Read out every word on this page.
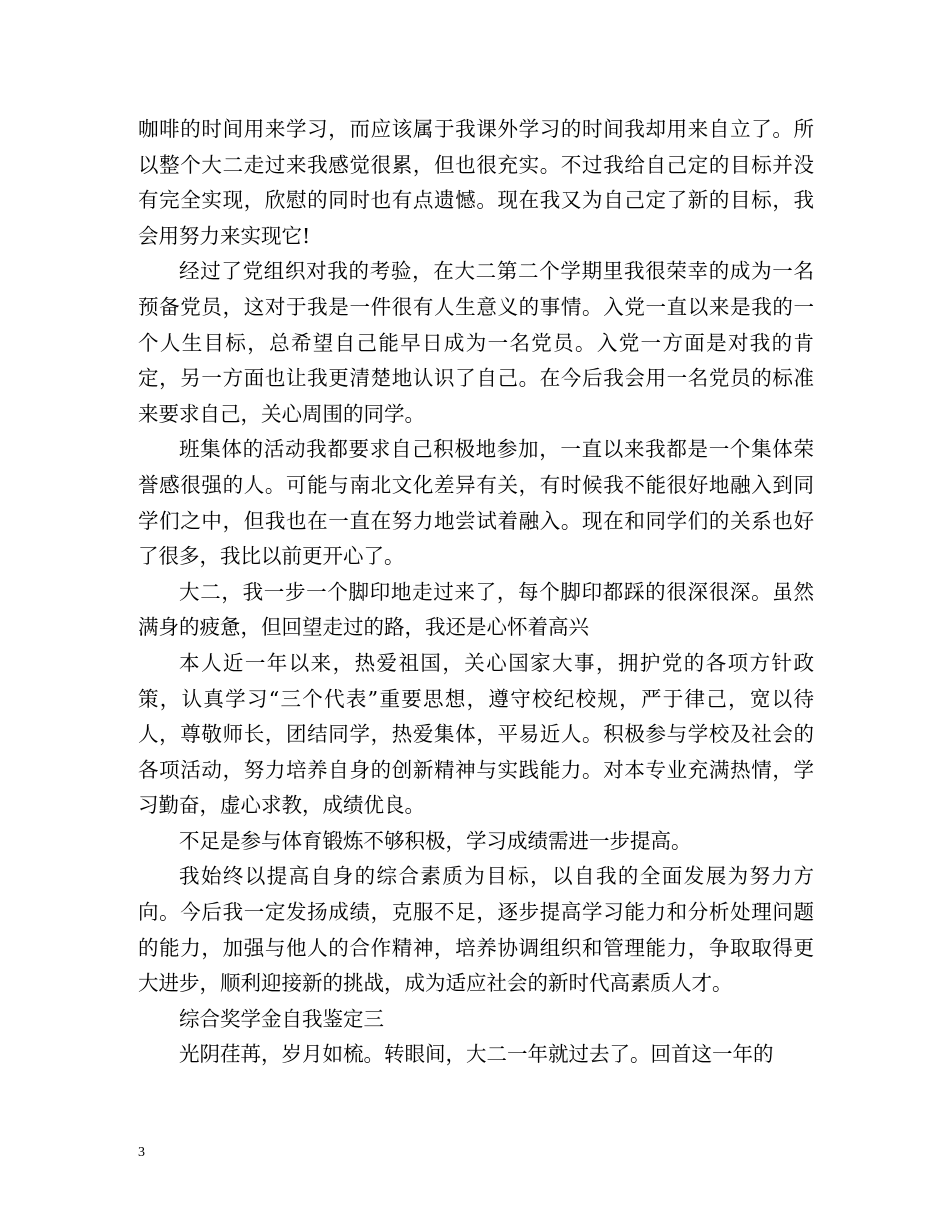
咖啡的时间用来学习，而应该属于我课外学习的时间我却用来自立了。所以整个大二走过来我感觉很累，但也很充实。不过我给自己定的目标并没有完全实现，欣慰的同时也有点遗憾。现在我又为自己定了新的目标，我会用努力来实现它!

经过了党组织对我的考验，在大二第二个学期里我很荣幸的成为一名预备党员，这对于我是一件很有人生意义的事情。入党一直以来是我的一个人生目标，总希望自己能早日成为一名党员。入党一方面是对我的肯定，另一方面也让我更清楚地认识了自己。在今后我会用一名党员的标准来要求自己，关心周围的同学。

班集体的活动我都要求自己积极地参加，一直以来我都是一个集体荣誉感很强的人。可能与南北文化差异有关，有时候我不能很好地融入到同学们之中，但我也在一直在努力地尝试着融入。现在和同学们的关系也好了很多，我比以前更开心了。

大二，我一步一个脚印地走过来了，每个脚印都踩的很深很深。虽然满身的疲惫，但回望走过的路，我还是心怀着高兴

本人近一年以来，热爱祖国，关心国家大事，拥护党的各项方针政策，认真学习“三个代表”重要思想，遵守校纪校规，严于律己，宽以待人，尊敬师长，团结同学，热爱集体，平易近人。积极参与学校及社会的各项活动，努力培养自身的创新精神与实践能力。对本专业充满热情，学习勤奋，虚心求教，成绩优良。

不足是参与体育锻炼不够积极，学习成绩需进一步提高。

我始终以提高自身的综合素质为目标，以自我的全面发展为努力方向。今后我一定发扬成绩，克服不足，逐步提高学习能力和分析处理问题的能力，加强与他人的合作精神，培养协调组织和管理能力，争取取得更大进步，顺利迎接新的挑战，成为适应社会的新时代高素质人才。

综合奖学金自我鉴定三

光阴荏苒，岁月如梳。转眼间，大二一年就过去了。回首这一年的

3
